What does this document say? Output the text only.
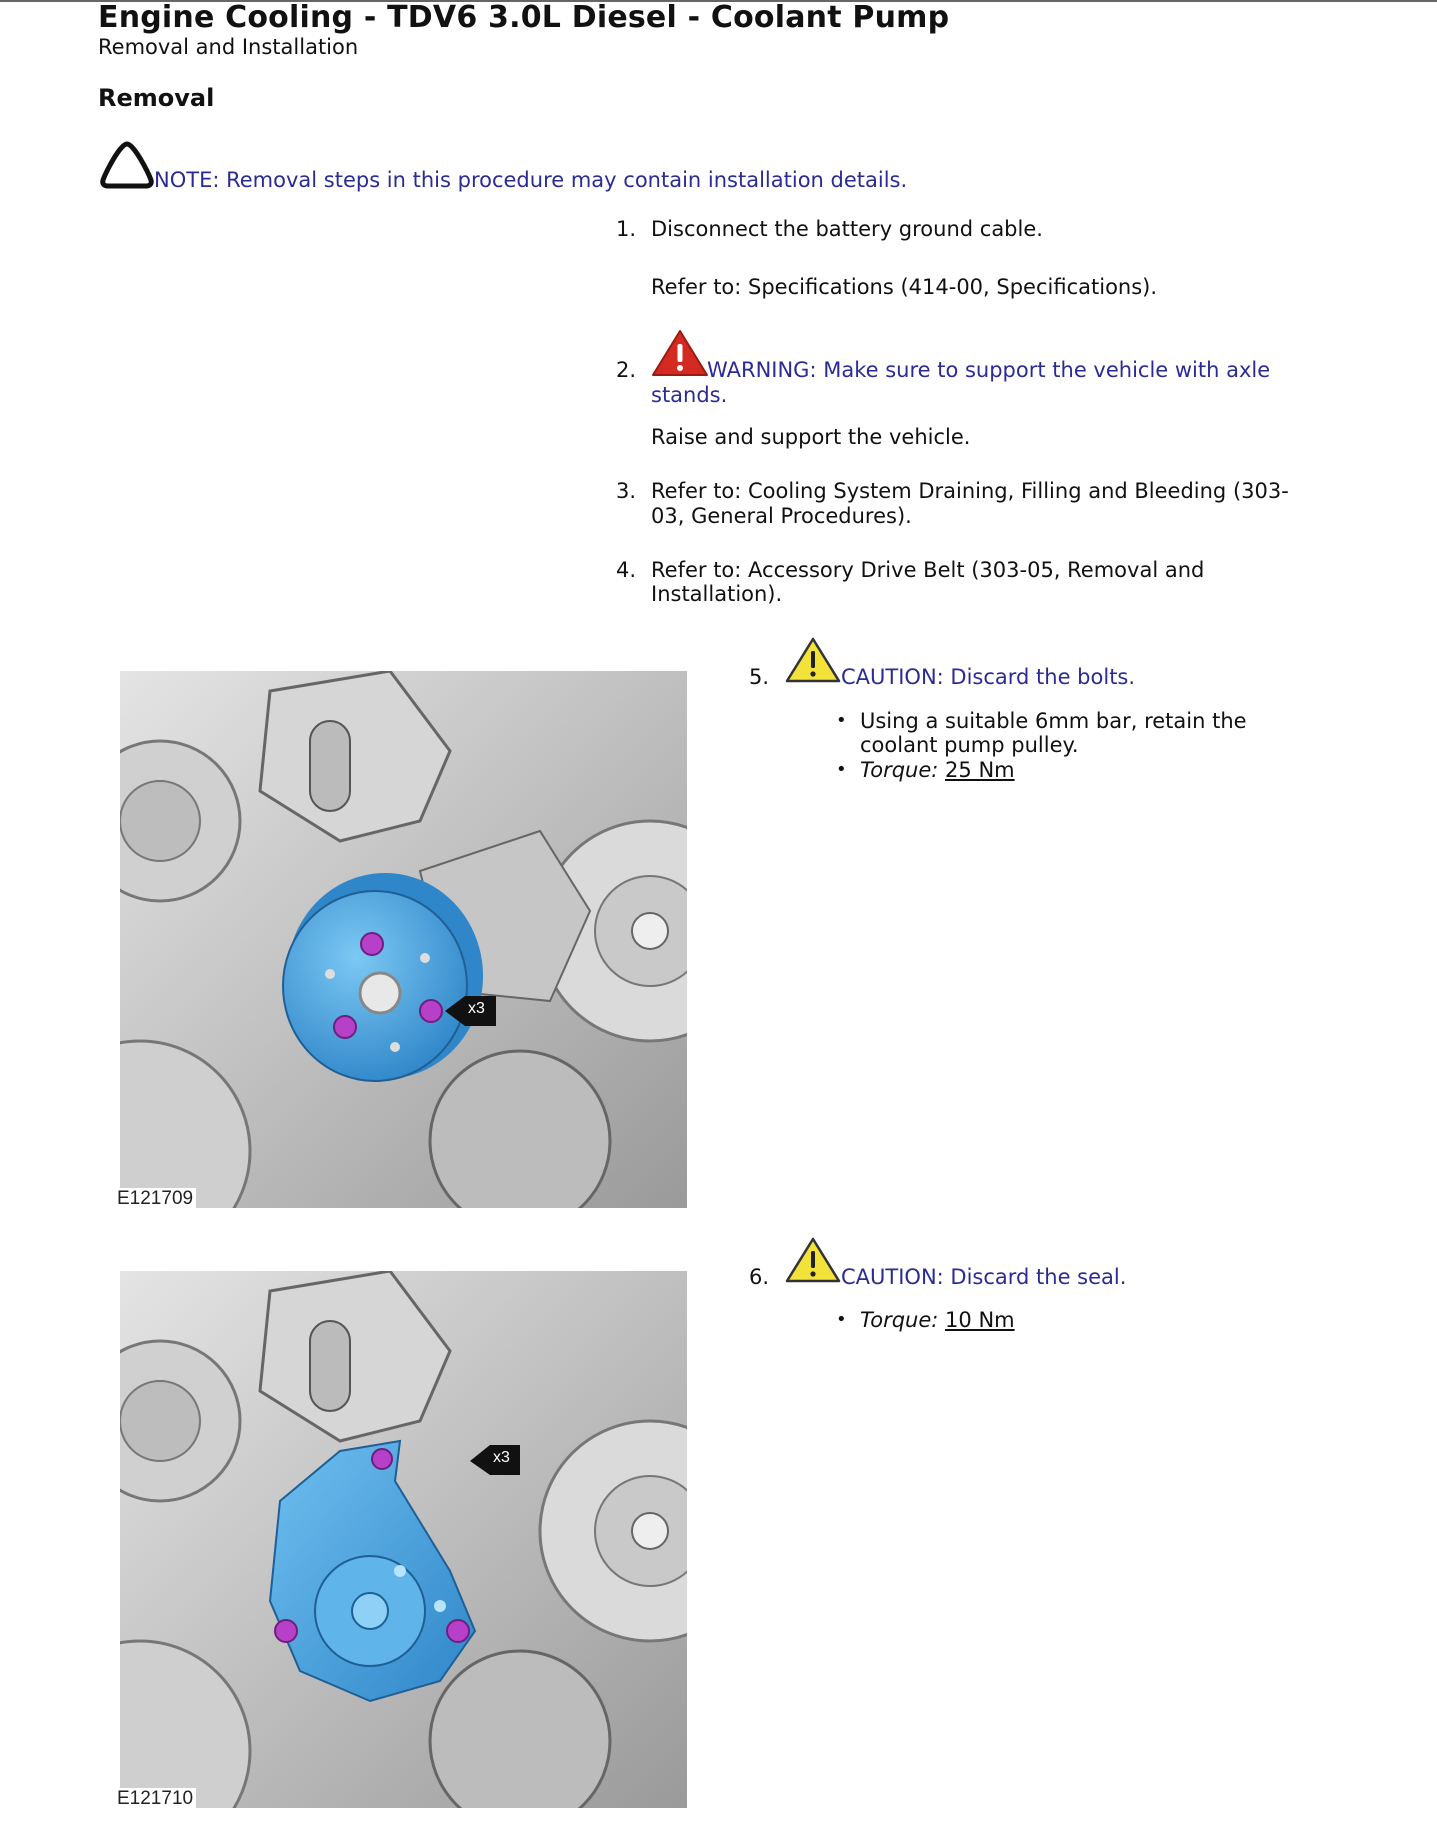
Engine Cooling - TDV6 3.0L Diesel - Coolant Pump
Removal and Installation
Removal
NOTE: Removal steps in this procedure may contain installation details.
1. Disconnect the battery ground cable.
Refer to: Specifications (414-00, Specifications).
2.	WARNING: Make sure to support the vehicle with axle
stands.
Raise and support the vehicle.
3. Refer to: Cooling System Draining, Filling and Bleeding (303-
03, General Procedures).
4. Refer to: Accessory Drive Belt (303-05, Removal and
Installation).
5.	CAUTION: Discard the bolts.
• Using a suitable 6mm bar, retain the
coolant pump pulley.
• Torque: 25 Nm
x3
E121709
6.	CAUTION: Discard the seal.
• Torque: 10 Nm
x3
E121710
